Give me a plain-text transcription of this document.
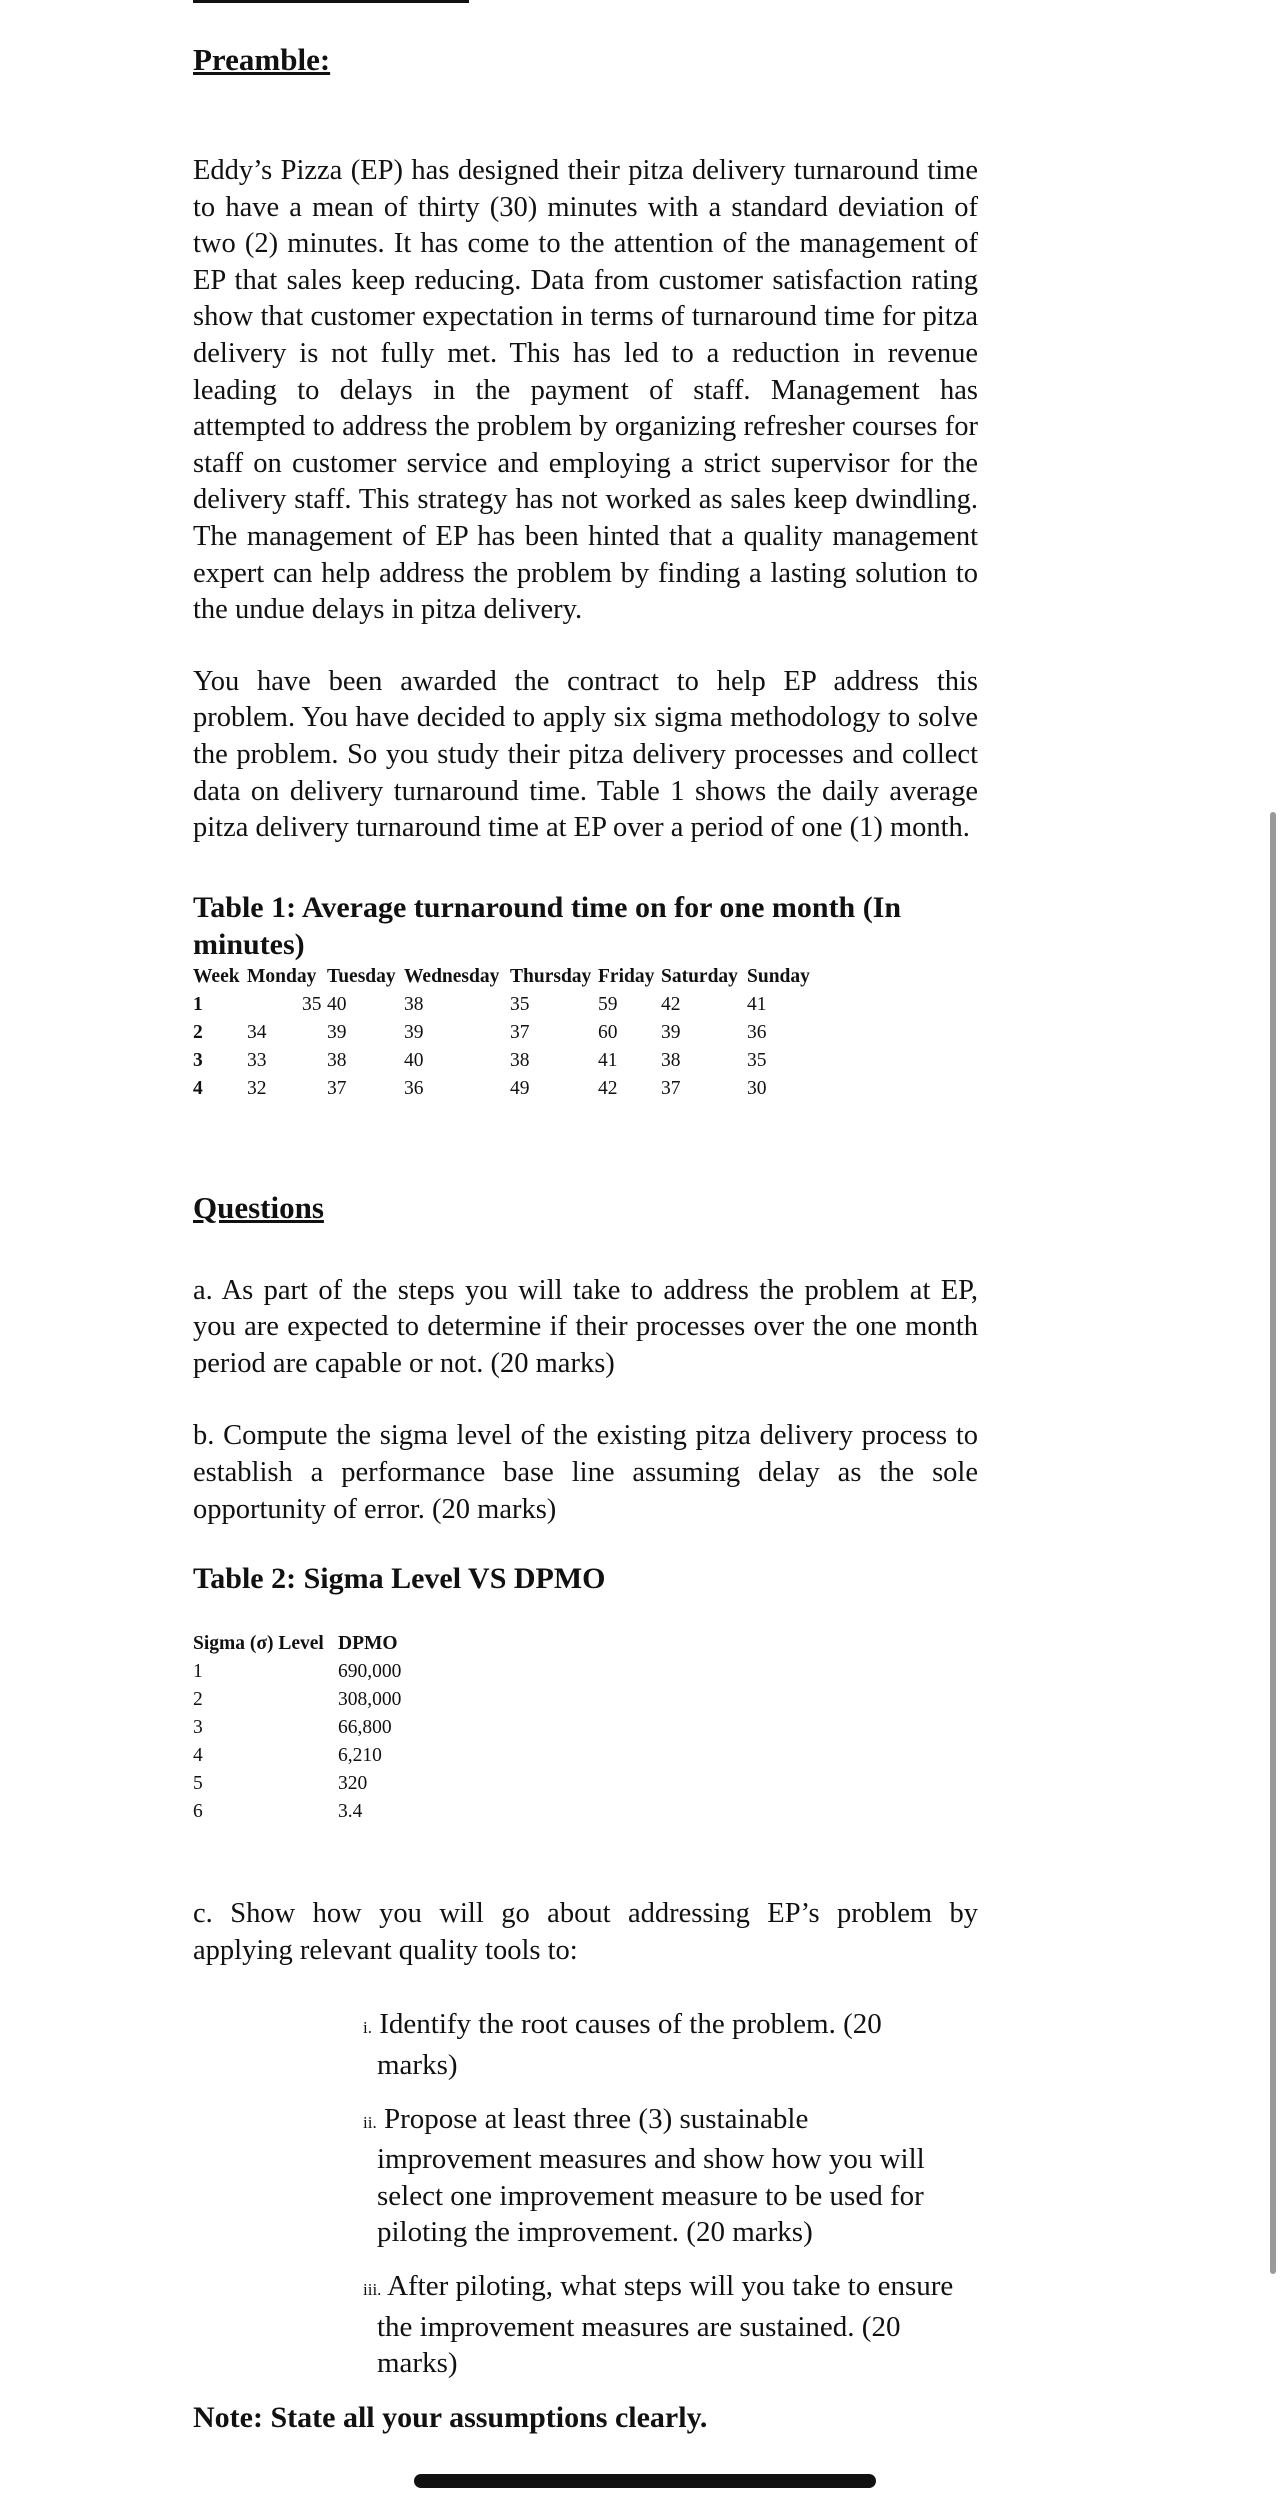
Preamble:

Eddy’s Pizza (EP) has designed their pitza delivery turnaround time to have a mean of thirty (30) minutes with a standard deviation of two (2) minutes. It has come to the attention of the management of EP that sales keep reducing. Data from customer satisfaction rating show that customer expectation in terms of turnaround time for pitza delivery is not fully met. This has led to a reduction in revenue leading to delays in the payment of staff. Management has attempted to address the problem by organizing refresher courses for staff on customer service and employing a strict supervisor for the delivery staff. This strategy has not worked as sales keep dwindling. The management of EP has been hinted that a quality management expert can help address the problem by finding a lasting solution to the undue delays in pitza delivery.

You have been awarded the contract to help EP address this problem. You have decided to apply six sigma methodology to solve the problem. So you study their pitza delivery processes and collect data on delivery turnaround time. Table 1 shows the daily average pitza delivery turnaround time at EP over a period of one (1) month.

Table 1: Average turnaround time on for one month (In minutes)

Week	Monday	Tuesday	Wednesday	Thursday	Friday	Saturday	Sunday
1	35	40	38	35	59	42	41
2	34	39	39	37	60	39	36
3	33	38	40	38	41	38	35
4	32	37	36	49	42	37	30

Questions

a. As part of the steps you will take to address the problem at EP, you are expected to determine if their processes over the one month period are capable or not. (20 marks)

b. Compute the sigma level of the existing pitza delivery process to establish a performance base line assuming delay as the sole opportunity of error. (20 marks)

Table 2: Sigma Level VS DPMO

Sigma (σ) Level	DPMO
1	690,000
2	308,000
3	66,800
4	6,210
5	320
6	3.4

c. Show how you will go about addressing EP’s problem by applying relevant quality tools to:

i. Identify the root causes of the problem. (20 marks)

ii. Propose at least three (3) sustainable improvement measures and show how you will select one improvement measure to be used for piloting the improvement. (20 marks)

iii. After piloting, what steps will you take to ensure the improvement measures are sustained. (20 marks)

Note: State all your assumptions clearly.
